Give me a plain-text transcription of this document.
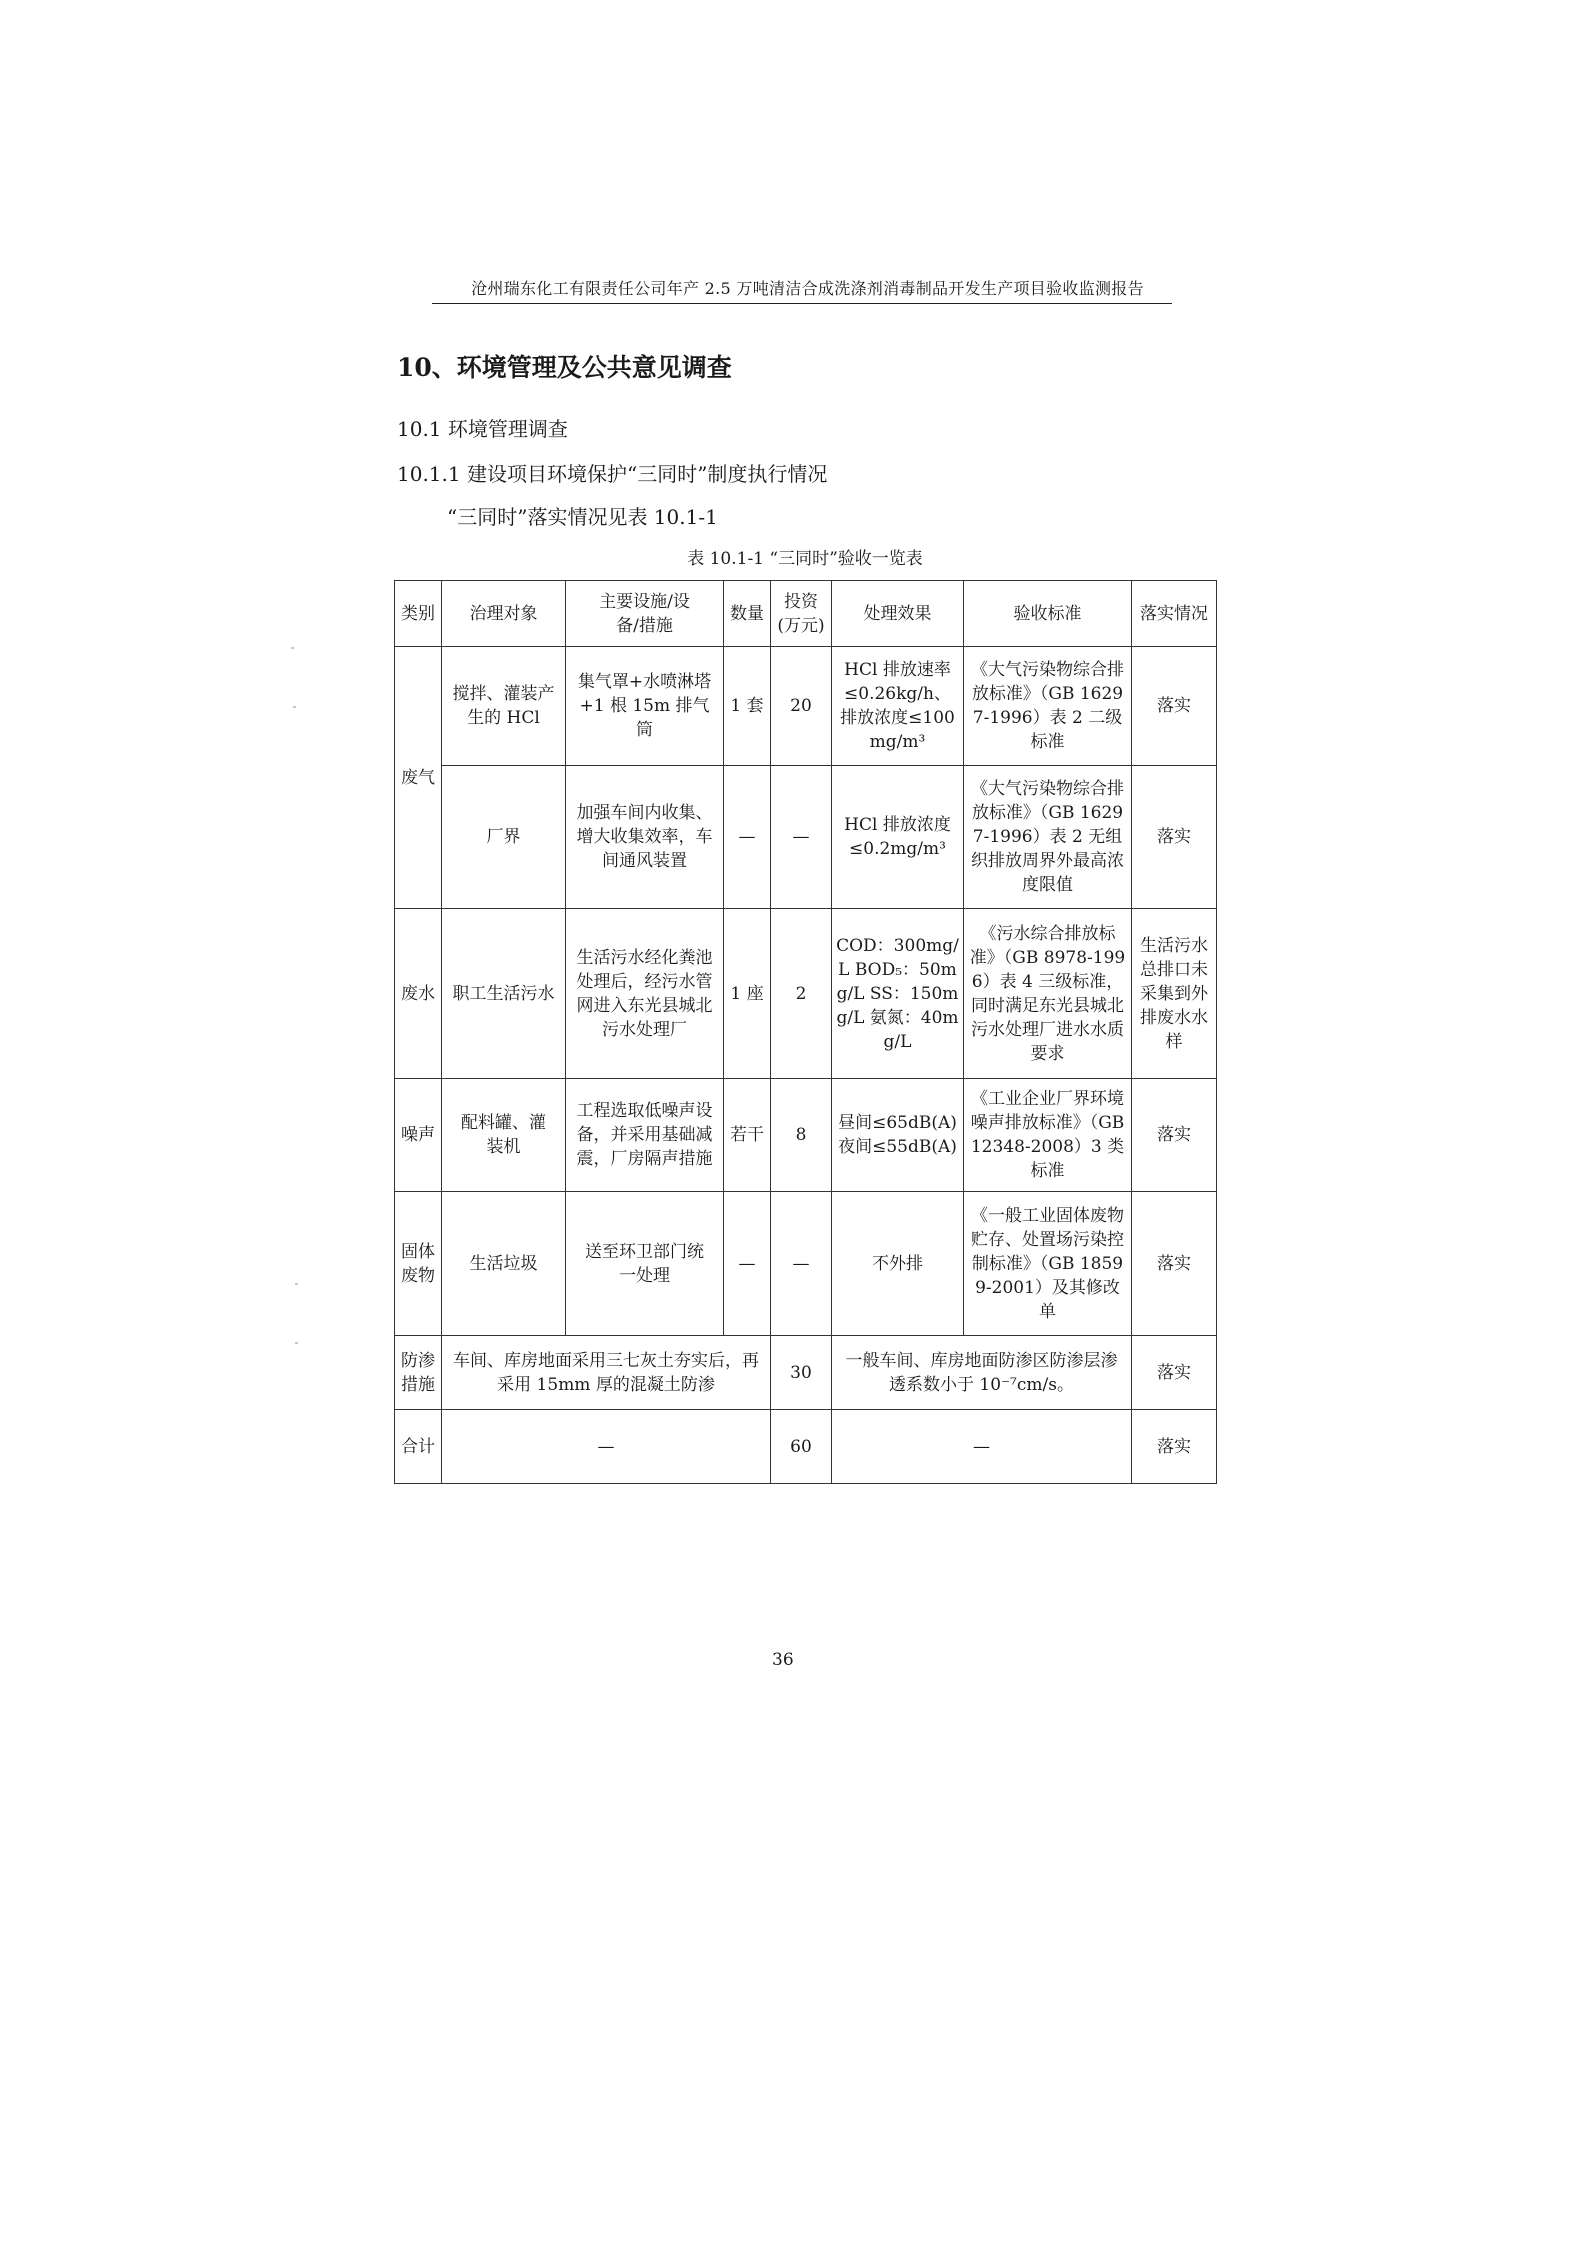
沧州瑞东化工有限责任公司年产 2.5 万吨清洁合成洗涤剂消毒制品开发生产项目验收监测报告
10、环境管理及公共意见调查
10.1 环境管理调查
10.1.1 建设项目环境保护“三同时”制度执行情况
“三同时”落实情况见表 10.1-1
表 10.1-1 “三同时”验收一览表
类别	治理对象	主要设施/设备/措施	数量	投资(万元)	处理效果	验收标准	落实情况
废气	搅拌、灌装产生的 HCl	集气罩+水喷淋塔+1 根 15m 排气筒	1 套	20	HCl 排放速率≤0.26kg/h、排放浓度≤100mg/m³	《大气污染物综合排放标准》（GB 16297-1996）表 2 二级标准	落实
	厂界	加强车间内收集、增大收集效率，车间通风装置	—	—	HCl 排放浓度≤0.2mg/m³	《大气污染物综合排放标准》（GB 16297-1996）表 2 无组织排放周界外最高浓度限值	落实
废水	职工生活污水	生活污水经化粪池处理后，经污水管网进入东光县城北污水处理厂	1 座	2	COD：300mg/L BOD₅：50mg/L SS：150mg/L 氨氮：40mg/L	《污水综合排放标准》（GB 8978-1996）表 4 三级标准，同时满足东光县城北污水处理厂进水水质要求	生活污水总排口未采集到外排废水水样
噪声	配料罐、灌装机	工程选取低噪声设备，并采用基础减震，厂房隔声措施	若干	8	昼间≤65dB(A) 夜间≤55dB(A)	《工业企业厂界环境噪声排放标准》（GB 12348-2008）3 类标准	落实
固体废物	生活垃圾	送至环卫部门统一处理	—	—	不外排	《一般工业固体废物贮存、处置场污染控制标准》（GB 18599-2001）及其修改单	落实
防渗措施	车间、库房地面采用三七灰土夯实后，再采用 15mm 厚的混凝土防渗			30	一般车间、库房地面防渗区防渗层渗透系数小于 10⁻⁷cm/s。		落实
合计	—			60	—		落实
36
